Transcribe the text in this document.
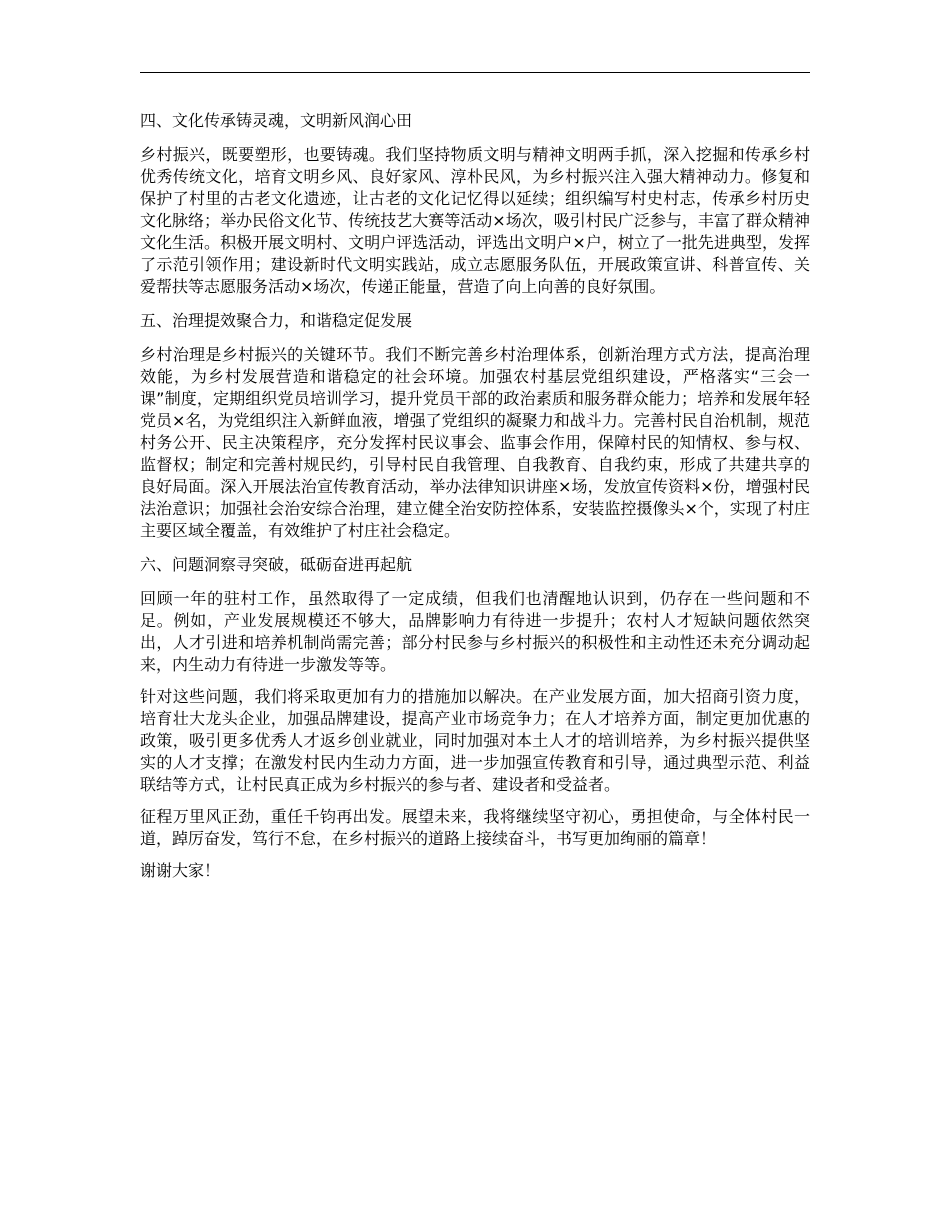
四、文化传承铸灵魂，文明新风润心田

乡村振兴，既要塑形，也要铸魂。我们坚持物质文明与精神文明两手抓，深入挖掘和传承乡村优秀传统文化，培育文明乡风、良好家风、淳朴民风，为乡村振兴注入强大精神动力。修复和保护了村里的古老文化遗迹，让古老的文化记忆得以延续；组织编写村史村志，传承乡村历史文化脉络；举办民俗文化节、传统技艺大赛等活动×场次，吸引村民广泛参与，丰富了群众精神文化生活。积极开展文明村、文明户评选活动，评选出文明户×户，树立了一批先进典型，发挥了示范引领作用；建设新时代文明实践站，成立志愿服务队伍，开展政策宣讲、科普宣传、关爱帮扶等志愿服务活动×场次，传递正能量，营造了向上向善的良好氛围。

五、治理提效聚合力，和谐稳定促发展

乡村治理是乡村振兴的关键环节。我们不断完善乡村治理体系，创新治理方式方法，提高治理效能，为乡村发展营造和谐稳定的社会环境。加强农村基层党组织建设，严格落实“三会一课”制度，定期组织党员培训学习，提升党员干部的政治素质和服务群众能力；培养和发展年轻党员×名，为党组织注入新鲜血液，增强了党组织的凝聚力和战斗力。完善村民自治机制，规范村务公开、民主决策程序，充分发挥村民议事会、监事会作用，保障村民的知情权、参与权、监督权；制定和完善村规民约，引导村民自我管理、自我教育、自我约束，形成了共建共享的良好局面。深入开展法治宣传教育活动，举办法律知识讲座×场，发放宣传资料×份，增强村民法治意识；加强社会治安综合治理，建立健全治安防控体系，安装监控摄像头×个，实现了村庄主要区域全覆盖，有效维护了村庄社会稳定。

六、问题洞察寻突破，砥砺奋进再起航

回顾一年的驻村工作，虽然取得了一定成绩，但我们也清醒地认识到，仍存在一些问题和不足。例如，产业发展规模还不够大，品牌影响力有待进一步提升；农村人才短缺问题依然突出，人才引进和培养机制尚需完善；部分村民参与乡村振兴的积极性和主动性还未充分调动起来，内生动力有待进一步激发等等。

针对这些问题，我们将采取更加有力的措施加以解决。在产业发展方面，加大招商引资力度，培育壮大龙头企业，加强品牌建设，提高产业市场竞争力；在人才培养方面，制定更加优惠的政策，吸引更多优秀人才返乡创业就业，同时加强对本土人才的培训培养，为乡村振兴提供坚实的人才支撑；在激发村民内生动力方面，进一步加强宣传教育和引导，通过典型示范、利益联结等方式，让村民真正成为乡村振兴的参与者、建设者和受益者。

征程万里风正劲，重任千钧再出发。展望未来，我将继续坚守初心，勇担使命，与全体村民一道，踔厉奋发，笃行不怠，在乡村振兴的道路上接续奋斗，书写更加绚丽的篇章！

谢谢大家！
